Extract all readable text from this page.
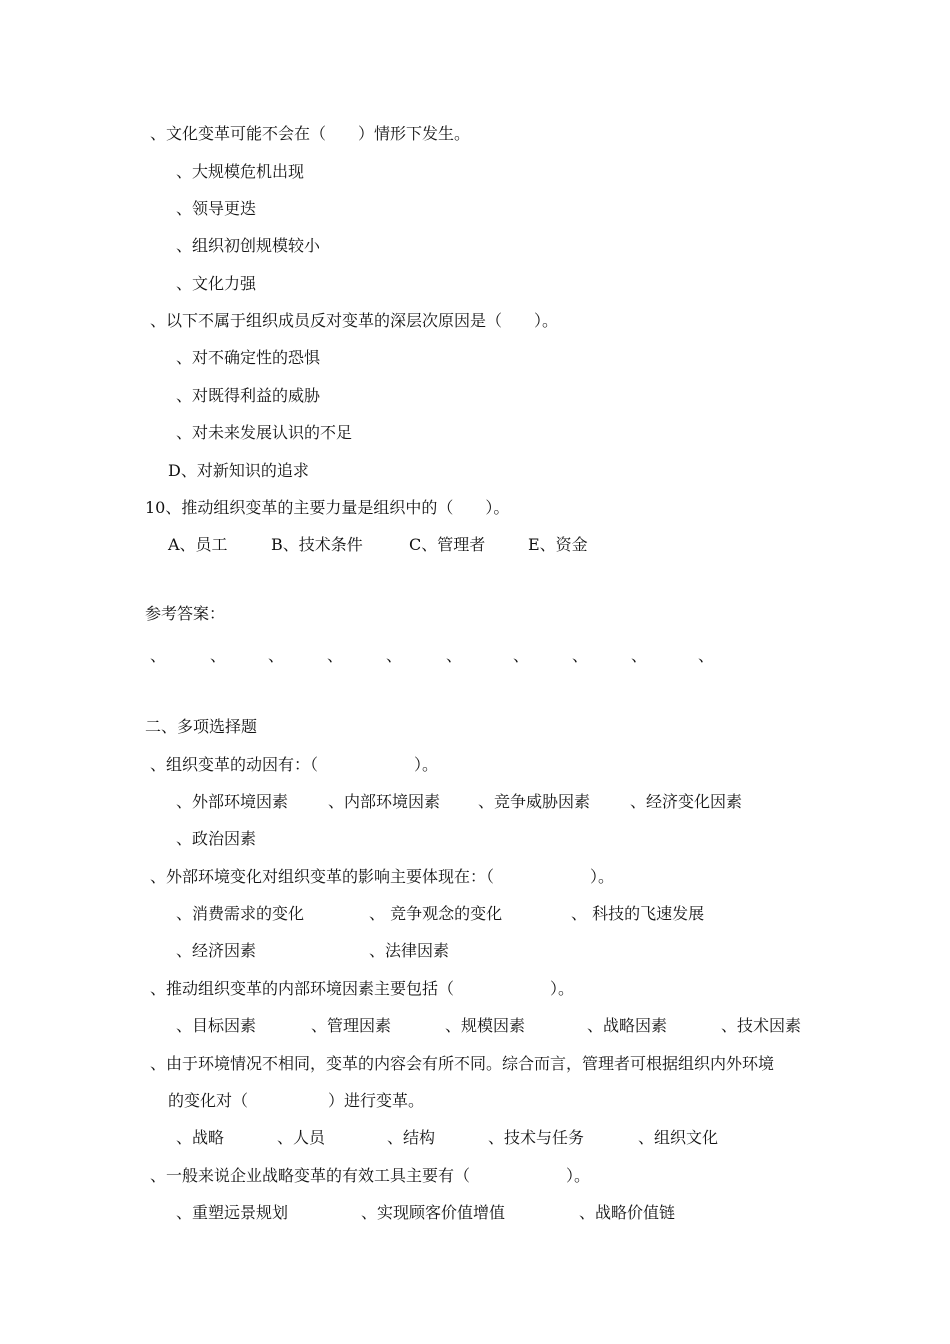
、文化变革可能不会在（　　）情形下发生。
、大规模危机出现
、领导更迭
、组织初创规模较小
、文化力强
、以下不属于组织成员反对变革的深层次原因是（　　）。
、对不确定性的恐惧
、对既得利益的威胁
、对未来发展认识的不足
D、对新知识的追求
10、推动组织变革的主要力量是组织中的（　　）。
A、员工	B、技术条件	C、管理者	E、资金
参考答案：
、	、	、	、	、	、	、	、	、	、
二、多项选择题
、组织变革的动因有：（　　　　　　）。
、外部环境因素 、内部环境因素 、竞争威胁因素 、经济变化因素
、政治因素
、外部环境变化对组织变革的影响主要体现在：（　　　　　　）。
、消费需求的变化	、 竞争观念的变化	、 科技的飞速发展
、经济因素	、法律因素
、推动组织变革的内部环境因素主要包括（　　　　　　）。
、目标因素	、管理因素	、规模因素	、战略因素	、技术因素
、由于环境情况不相同，变革的内容会有所不同。综合而言，管理者可根据组织内外环境
的变化对（　　　　　）进行变革。
、战略	、人员	、结构	、技术与任务	、组织文化
、一般来说企业战略变革的有效工具主要有（　　　　　　）。
、重塑远景规划	、实现顾客价值增值	、战略价值链
